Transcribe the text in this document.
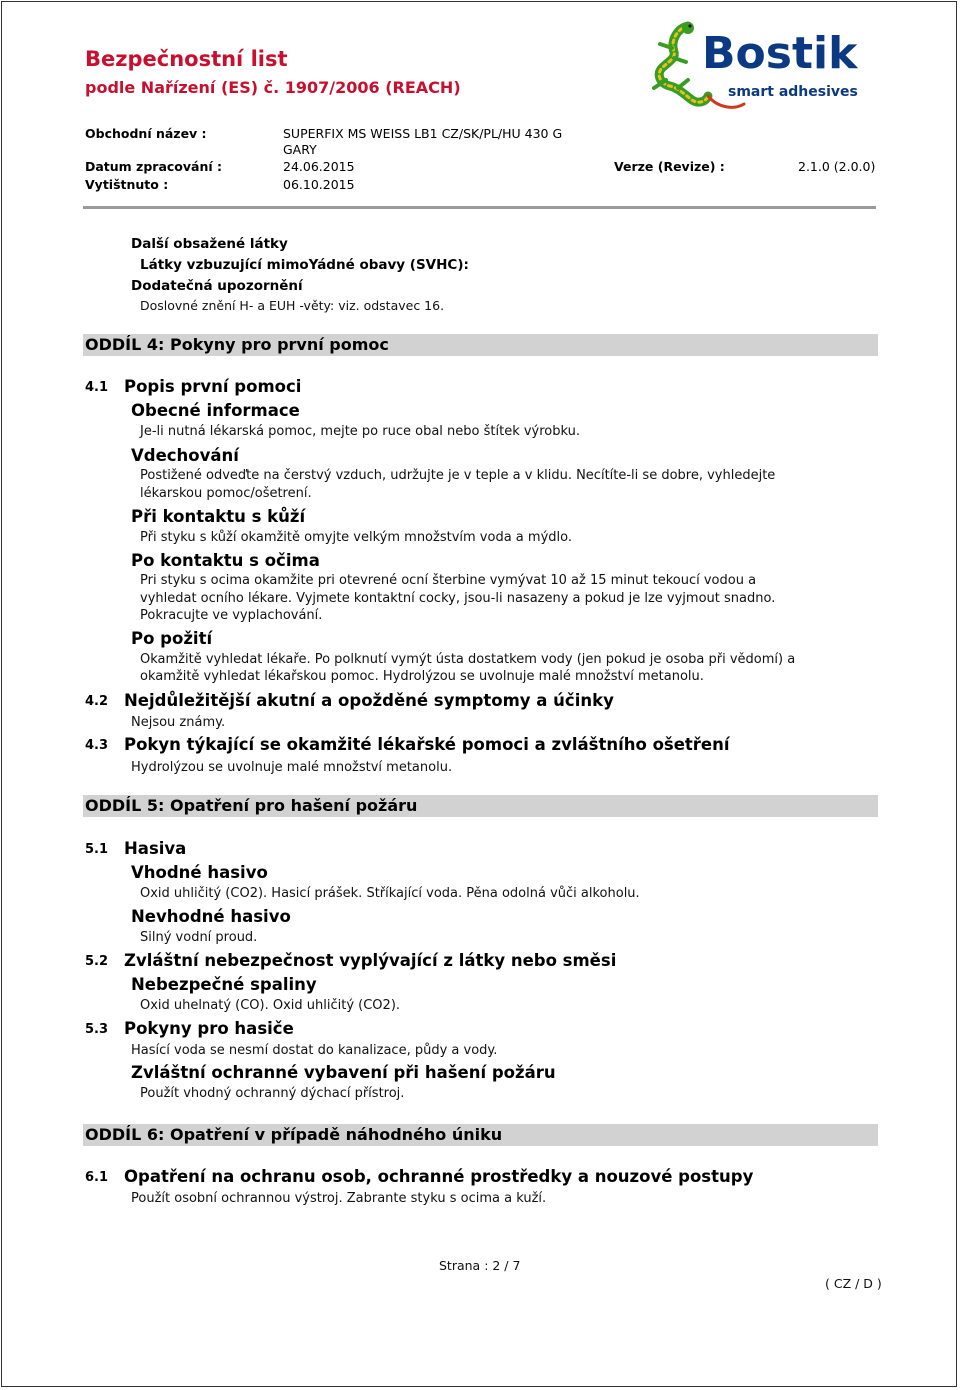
Bezpečnostní list
podle Nařízení (ES) č. 1907/2006 (REACH)
Bostik
smart adhesives
Obchodní název :	SUPERFIX MS WEISS LB1 CZ/SK/PL/HU 430 G
GARY
Datum zpracování :	24.06.2015	Verze (Revize) :	2.1.0 (2.0.0)
Vytištnuto :	06.10.2015
Další obsažené látky
Látky vzbuzující mimoYádné obavy (SVHC):
Dodatečná upozornění
Doslovné znění H- a EUH -věty: viz. odstavec 16.
ODDÍL 4: Pokyny pro první pomoc
4.1 Popis první pomoci
Obecné informace
Je-li nutná lékarská pomoc, mejte po ruce obal nebo štítek výrobku.
Vdechování
Postižené odveďte na čerstvý vzduch, udržujte je v teple a v klidu. Necítíte-li se dobre, vyhledejte
lékarskou pomoc/ošetrení.
Při kontaktu s kůží
Při styku s kůží okamžitě omyjte velkým množstvím voda a mýdlo.
Po kontaktu s očima
Pri styku s ocima okamžite pri otevrené ocní šterbine vymývat 10 až 15 minut tekoucí vodou a
vyhledat ocního lékare. Vyjmete kontaktní cocky, jsou-li nasazeny a pokud je lze vyjmout snadno.
Pokracujte ve vyplachování.
Po požití
Okamžitě vyhledat lékaře. Po polknutí vymýt ústa dostatkem vody (jen pokud je osoba při vědomí) a
okamžitě vyhledat lékařskou pomoc. Hydrolýzou se uvolnuje malé množství metanolu.
4.2 Nejdůležitější akutní a opožděné symptomy a účinky
Nejsou známy.
4.3 Pokyn týkající se okamžité lékařské pomoci a zvláštního ošetření
Hydrolýzou se uvolnuje malé množství metanolu.
ODDÍL 5: Opatření pro hašení požáru
5.1 Hasiva
Vhodné hasivo
Oxid uhličitý (CO2). Hasicí prášek. Stříkající voda. Pěna odolná vůči alkoholu.
Nevhodné hasivo
Silný vodní proud.
5.2 Zvláštní nebezpečnost vyplývající z látky nebo směsi
Nebezpečné spaliny
Oxid uhelnatý (CO). Oxid uhličitý (CO2).
5.3 Pokyny pro hasiče
Hasící voda se nesmí dostat do kanalizace, půdy a vody.
Zvláštní ochranné vybavení při hašení požáru
Použít vhodný ochranný dýchací přístroj.
ODDÍL 6: Opatření v případě náhodného úniku
6.1 Opatření na ochranu osob, ochranné prostředky a nouzové postupy
Použít osobní ochrannou výstroj. Zabrante styku s ocima a kuží.
Strana : 2 / 7
( CZ / D )
